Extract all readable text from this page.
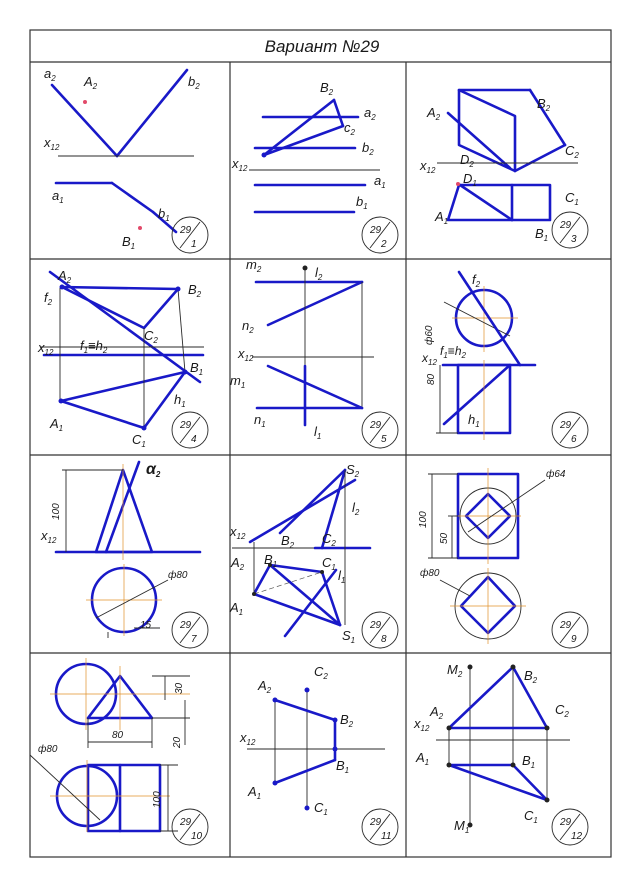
Вариант №29
$a_2$ $A_2$	$b_2$
$x_{12}$
$a_1$
$b_1$
$B_1$
$B_2$
$c_2$
$a_2$
$b_2$
$x_{12}$
$a_1$
$b_1$
$A_2$
$B_2$
$C_2$
$D_2$
$D_1$
$x_{12}$
$C_1$
$A_1$
$B_1$
$A_2$
$B_2$
$f_2$
$C_2$
$x_{12}$ $f_1\equiv h_2$
$B_1$
$h_1$
$A_1$
$C_1$
$m_2$	$l_2$
$n_2$
$x_{12}$
$m_1$
$n_1$	$l_1$
$f_2$
ф60
$x_{12}$
$f_1\equiv h_2$
80
$h_1$
α2
100
$x_{12}$
ф80
15
$S_2$
$l_2$
$x_{12}$	$B_2$ $C_2$
$A_2$
$B_1$	$C_1$
$l_1$
$A_1$
$S_1$
ф64
100
50
ф80
30
80
20
ф80
100
$C_2$
$A_2$
$B_2$
$x_{12}$
$B_1$
$A_1$
$C_1$
$M_2$	$B_2$
$A_2$	$C_2$
$x_{12}$
$A_1$	$B_1$
$M_1$
$C_1$
29
1
29
2
29
3
29
4
29
5
29
6
29
7
29
8
29
9
29
10
29
11
29
12
